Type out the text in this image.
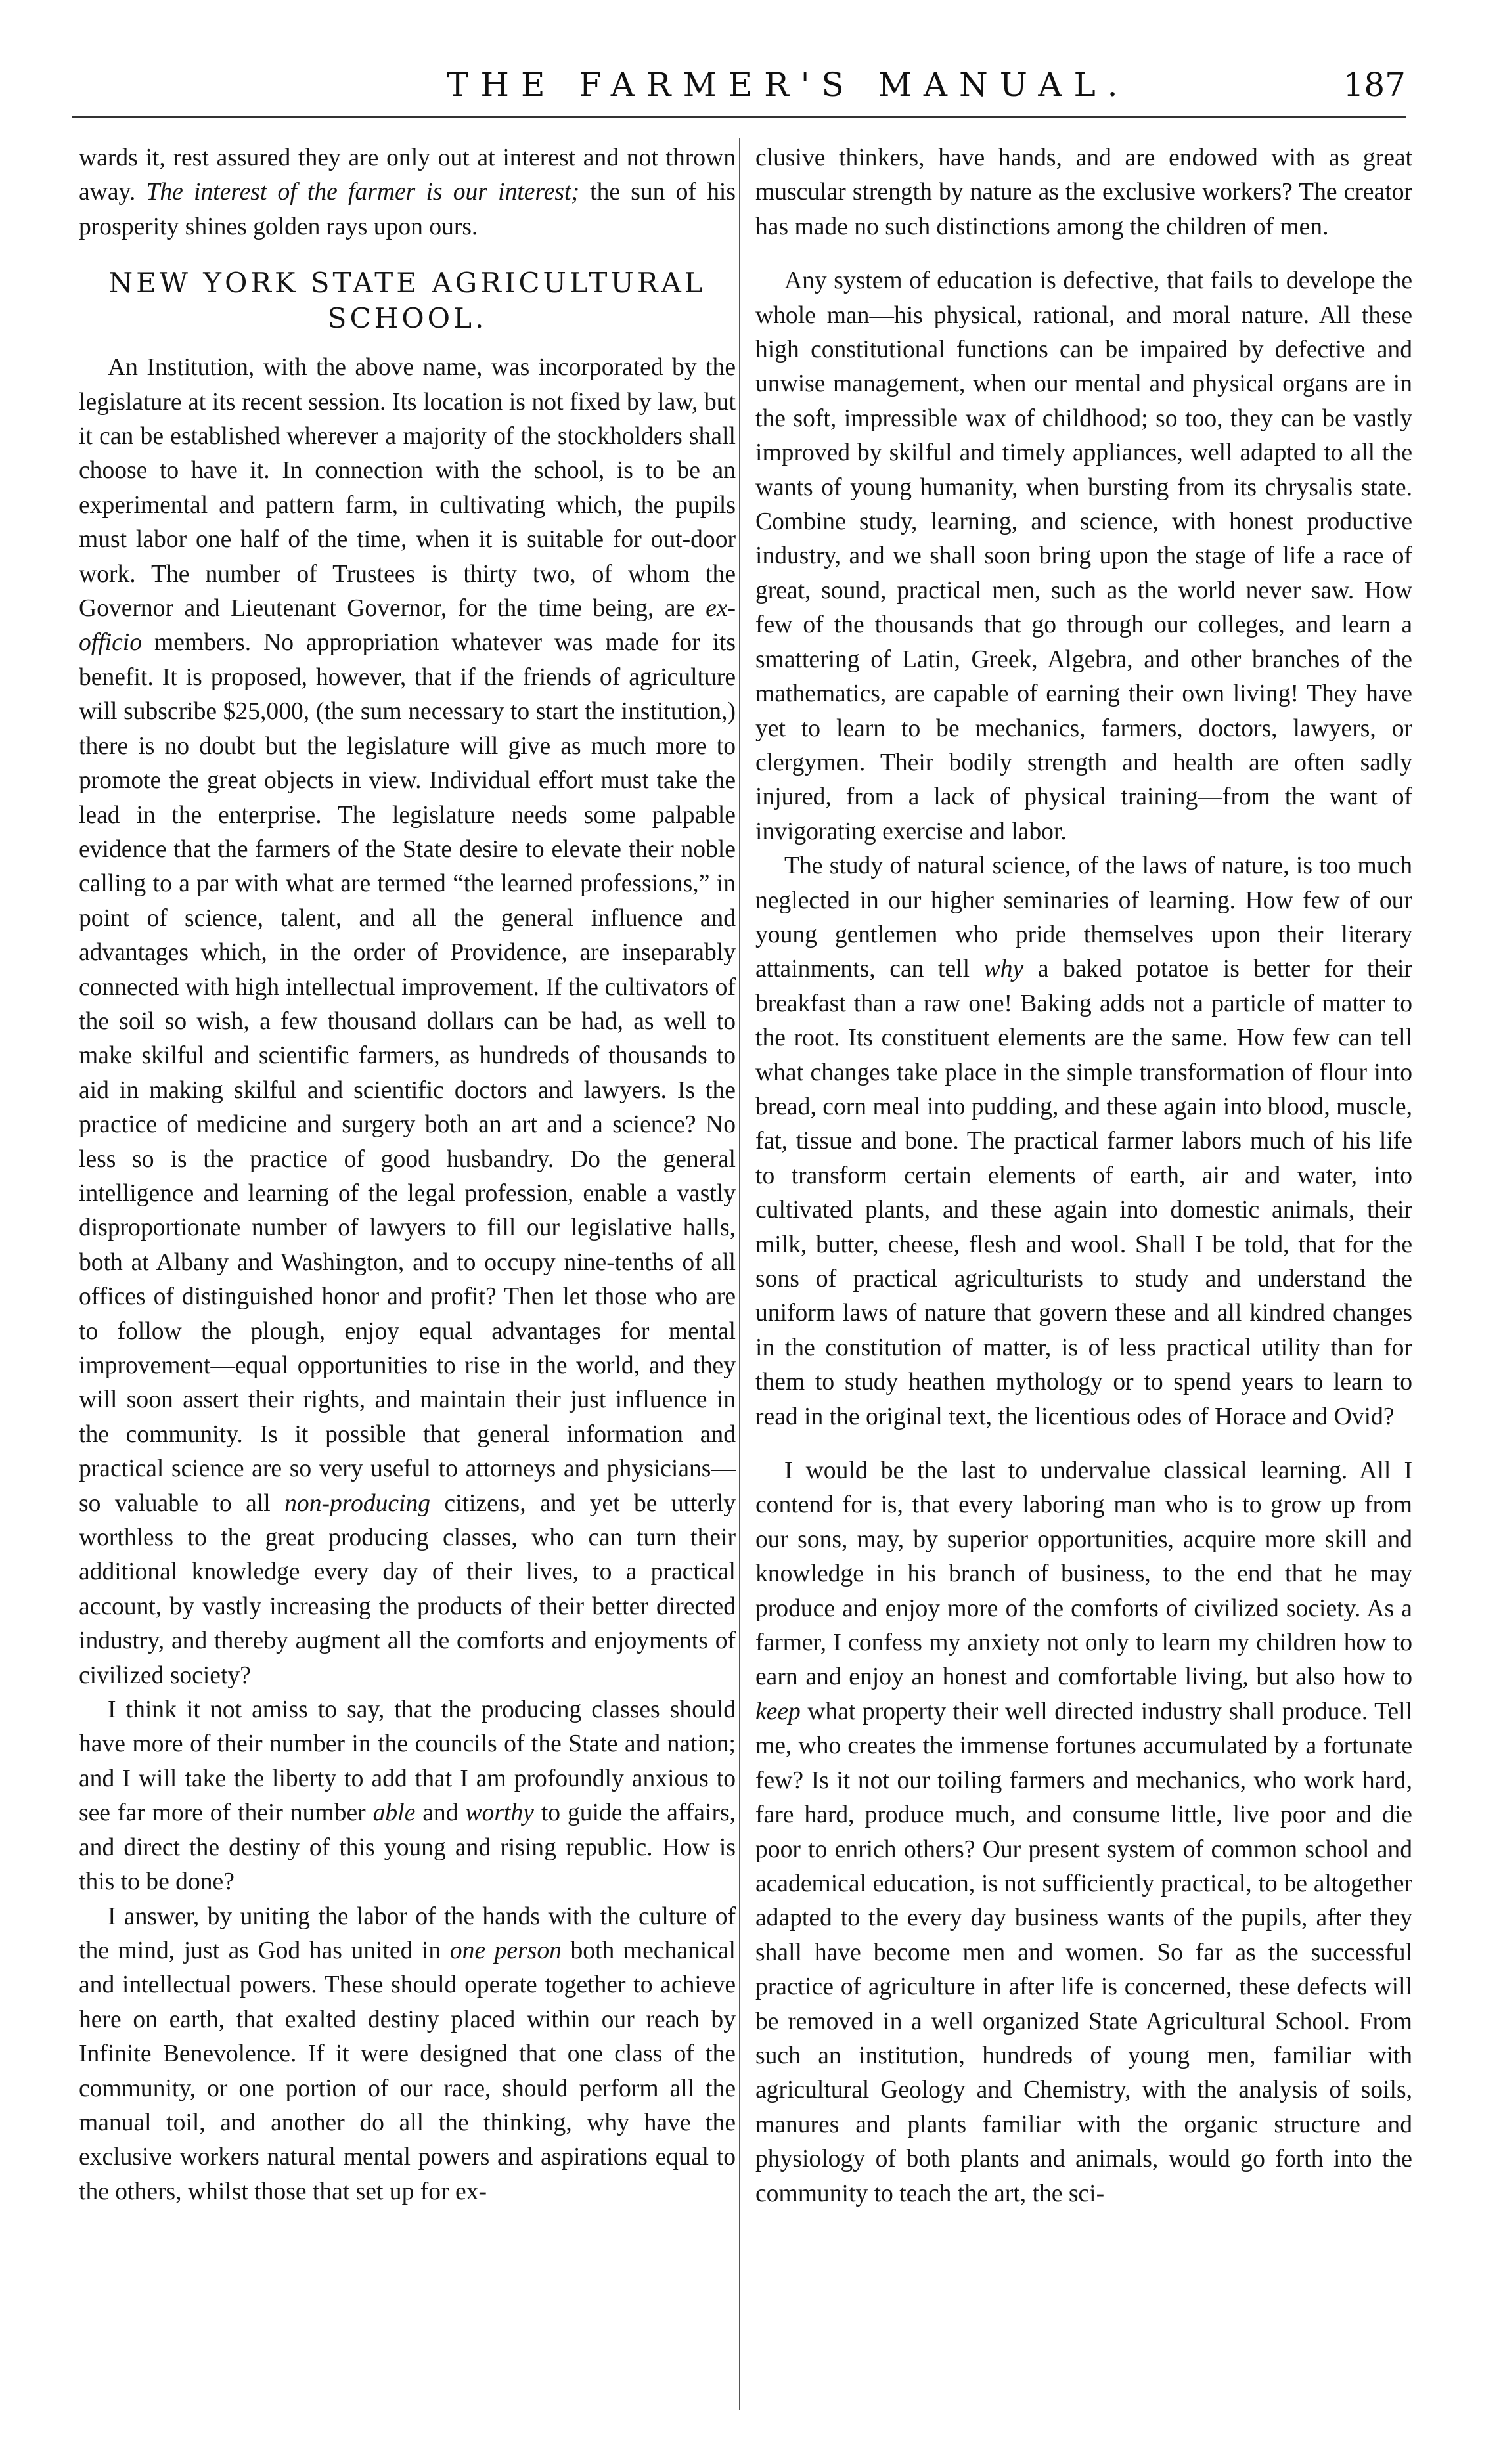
THE FARMER'S MANUAL.	187

wards it, rest assured they are only out at interest and not thrown away. The interest of the farmer is our interest; the sun of his prosperity shines golden rays upon ours.

NEW YORK STATE AGRICULTURAL SCHOOL.

An Institution, with the above name, was incorporated by the legislature at its recent session. Its location is not fixed by law, but it can be established wherever a majority of the stockholders shall choose to have it. In connection with the school, is to be an experimental and pattern farm, in cultivating which, the pupils must labor one half of the time, when it is suitable for out-door work. The number of Trustees is thirty two, of whom the Governor and Lieutenant Governor, for the time being, are ex-officio members. No appropriation whatever was made for its benefit. It is proposed, however, that if the friends of agriculture will subscribe $25,000, (the sum necessary to start the institution,) there is no doubt but the legislature will give as much more to promote the great objects in view. Individual effort must take the lead in the enterprise. The legislature needs some palpable evidence that the farmers of the State desire to elevate their noble calling to a par with what are termed “the learned professions,” in point of science, talent, and all the general influence and advantages which, in the order of Providence, are inseparably connected with high intellectual improvement. If the cultivators of the soil so wish, a few thousand dollars can be had, as well to make skilful and scientific farmers, as hundreds of thousands to aid in making skilful and scientific doctors and lawyers. Is the practice of medicine and surgery both an art and a science? No less so is the practice of good husbandry. Do the general intelligence and learning of the legal profession, enable a vastly disproportionate number of lawyers to fill our legislative halls, both at Albany and Washington, and to occupy nine-tenths of all offices of distinguished honor and profit? Then let those who are to follow the plough, enjoy equal advantages for mental improvement—equal opportunities to rise in the world, and they will soon assert their rights, and maintain their just influence in the community. Is it possible that general information and practical science are so very useful to attorneys and physicians—so valuable to all non-producing citizens, and yet be utterly worthless to the great producing classes, who can turn their additional knowledge every day of their lives, to a practical account, by vastly increasing the products of their better directed industry, and thereby augment all the comforts and enjoyments of civilized society?

I think it not amiss to say, that the producing classes should have more of their number in the councils of the State and nation; and I will take the liberty to add that I am profoundly anxious to see far more of their number able and worthy to guide the affairs, and direct the destiny of this young and rising republic. How is this to be done?

I answer, by uniting the labor of the hands with the culture of the mind, just as God has united in one person both mechanical and intellectual powers. These should operate together to achieve here on earth, that exalted destiny placed within our reach by Infinite Benevolence. If it were designed that one class of the community, or one portion of our race, should perform all the manual toil, and another do all the thinking, why have the exclusive workers natural mental powers and aspirations equal to the others, whilst those that set up for ex-

clusive thinkers, have hands, and are endowed with as great muscular strength by nature as the exclusive workers? The creator has made no such distinctions among the children of men.

Any system of education is defective, that fails to develope the whole man—his physical, rational, and moral nature. All these high constitutional functions can be impaired by defective and unwise management, when our mental and physical organs are in the soft, impressible wax of childhood; so too, they can be vastly improved by skilful and timely appliances, well adapted to all the wants of young humanity, when bursting from its chrysalis state. Combine study, learning, and science, with honest productive industry, and we shall soon bring upon the stage of life a race of great, sound, practical men, such as the world never saw. How few of the thousands that go through our colleges, and learn a smattering of Latin, Greek, Algebra, and other branches of the mathematics, are capable of earning their own living! They have yet to learn to be mechanics, farmers, doctors, lawyers, or clergymen. Their bodily strength and health are often sadly injured, from a lack of physical training—from the want of invigorating exercise and labor.

The study of natural science, of the laws of nature, is too much neglected in our higher seminaries of learning. How few of our young gentlemen who pride themselves upon their literary attainments, can tell why a baked potatoe is better for their breakfast than a raw one! Baking adds not a particle of matter to the root. Its constituent elements are the same. How few can tell what changes take place in the simple transformation of flour into bread, corn meal into pudding, and these again into blood, muscle, fat, tissue and bone. The practical farmer labors much of his life to transform certain elements of earth, air and water, into cultivated plants, and these again into domestic animals, their milk, butter, cheese, flesh and wool. Shall I be told, that for the sons of practical agriculturists to study and understand the uniform laws of nature that govern these and all kindred changes in the constitution of matter, is of less practical utility than for them to study heathen mythology or to spend years to learn to read in the original text, the licentious odes of Horace and Ovid?

I would be the last to undervalue classical learning. All I contend for is, that every laboring man who is to grow up from our sons, may, by superior opportunities, acquire more skill and knowledge in his branch of business, to the end that he may produce and enjoy more of the comforts of civilized society. As a farmer, I confess my anxiety not only to learn my children how to earn and enjoy an honest and comfortable living, but also how to keep what property their well directed industry shall produce. Tell me, who creates the immense fortunes accumulated by a fortunate few? Is it not our toiling farmers and mechanics, who work hard, fare hard, produce much, and consume little, live poor and die poor to enrich others? Our present system of common school and academical education, is not sufficiently practical, to be altogether adapted to the every day business wants of the pupils, after they shall have become men and women. So far as the successful practice of agriculture in after life is concerned, these defects will be removed in a well organized State Agricultural School. From such an institution, hundreds of young men, familiar with agricultural Geology and Chemistry, with the analysis of soils, manures and plants familiar with the organic structure and physiology of both plants and animals, would go forth into the community to teach the art, the sci-
